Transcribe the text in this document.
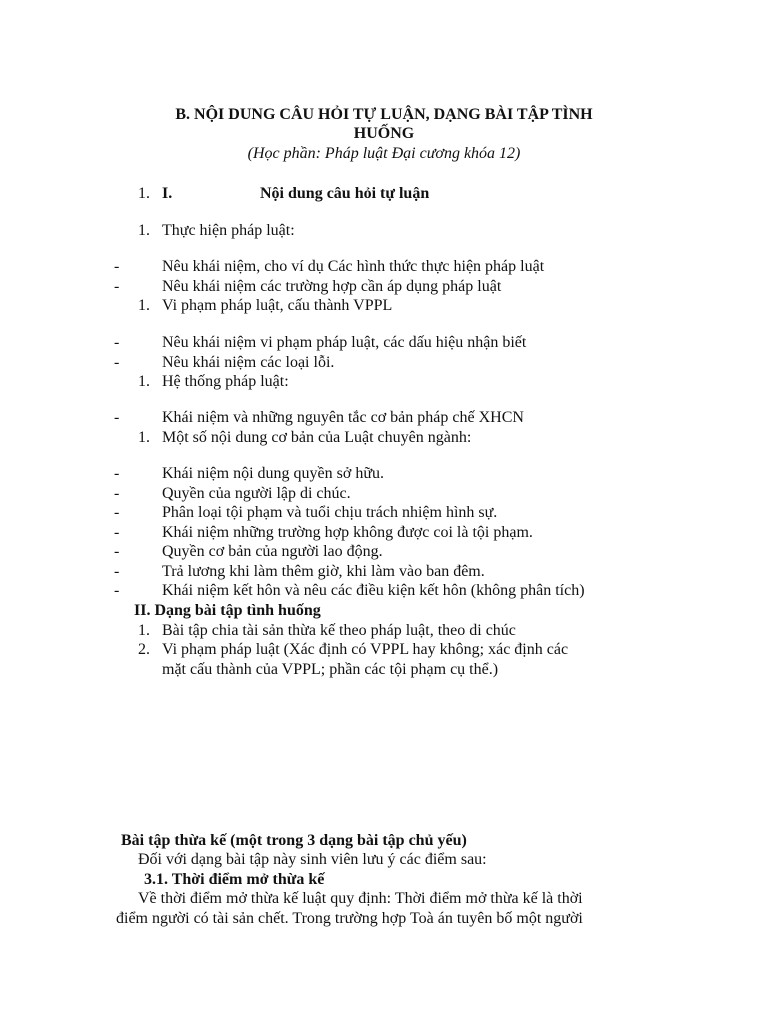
B. NỘI DUNG CÂU HỎI TỰ LUẬN, DẠNG BÀI TẬP TÌNH
HUỐNG
(Học phần: Pháp luật Đại cương khóa 12)
1. I.	Nội dung câu hỏi tự luận
1. Thực hiện pháp luật:
-	Nêu khái niệm, cho ví dụ Các hình thức thực hiện pháp luật
-	Nêu khái niệm các trường hợp cần áp dụng pháp luật
1. Vi phạm pháp luật, cấu thành VPPL
-	Nêu khái niệm vi phạm pháp luật, các dấu hiệu nhận biết
-	Nêu khái niệm các loại lỗi.
1. Hệ thống pháp luật:
-	Khái niệm và những nguyên tắc cơ bản pháp chế XHCN
1. Một số nội dung cơ bản của Luật chuyên ngành:
-	Khái niệm nội dung quyền sở hữu.
-	Quyền của người lập di chúc.
-	Phân loại tội phạm và tuổi chịu trách nhiệm hình sự.
-	Khái niệm những trường hợp không được coi là tội phạm.
-	Quyền cơ bản của người lao động.
-	Trả lương khi làm thêm giờ, khi làm vào ban đêm.
-	Khái niệm kết hôn và nêu các điều kiện kết hôn (không phân tích)
II. Dạng bài tập tình huống
1. Bài tập chia tài sản thừa kế theo pháp luật, theo di chúc
2. Vi phạm pháp luật (Xác định có VPPL hay không; xác định các
mặt cấu thành của VPPL; phần các tội phạm cụ thể.)
Bài tập thừa kế (một trong 3 dạng bài tập chủ yếu)
Đối với dạng bài tập này sinh viên lưu ý các điểm sau:
3.1. Thời điểm mở thừa kế
Về thời điểm mở thừa kế luật quy định: Thời điểm mở thừa kế là thời
điểm người có tài sản chết. Trong trường hợp Toà án tuyên bố một người
